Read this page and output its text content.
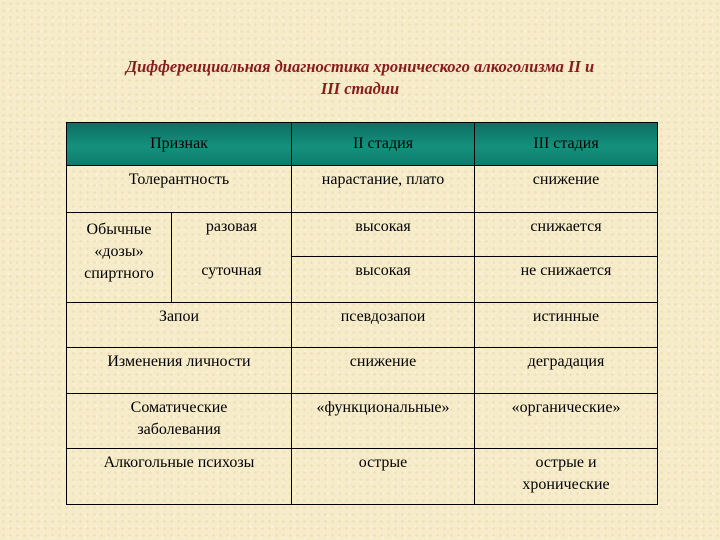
Диффереициальная диагностика хронического алкоголизма II и
III стадии
Признак		II стадия	III стадия
Толерантность		нарастание, плато	снижение

Обычные
«дозы»
спиртного	разовая	высокая	снижается
	суточная	высокая	не снижается
Запои		псевдозапои	истинные
Изменения личности		снижение	деградация

Соматические
заболевания		«функциональные»	«органические»
Алкогольные психозы		острые	острые и
хронические
